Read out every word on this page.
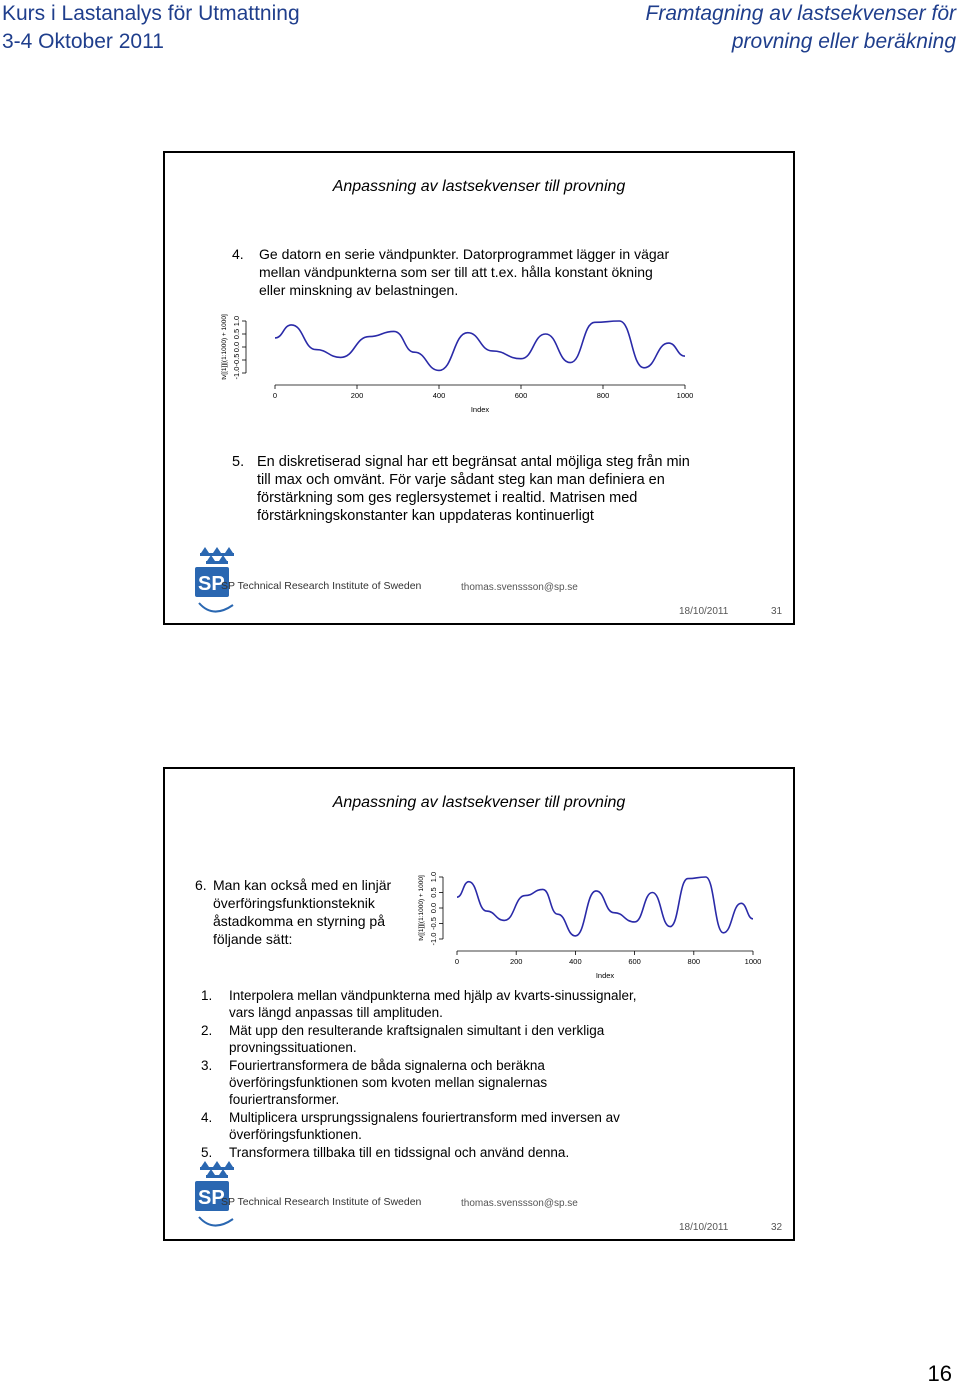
Kurs i Lastanalys för Utmattning
3-4 Oktober 2011
Framtagning av lastsekvenser för
provning eller beräkning
Anpassning av lastsekvenser till provning
4. Ge datorn en serie vändpunkter. Datorprogrammet lägger in vägar
mellan vändpunkterna som ser till att t.ex. hålla konstant ökning
eller minskning av belastningen.
-1.0
-0.5
0.0
0.5
1.0
0	200	400	600	800	1000
Index
tv[[1]][(1:1000) + 1000]
5. En diskretiserad signal har ett begränsat antal möjliga steg från min
till max och omvänt. För varje sådant steg kan man definiera en
förstärkning som ges reglersystemet i realtid. Matrisen med
förstärkningskonstanter kan uppdateras kontinuerligt
SP
SP Technical Research Institute of Sweden	thomas.svenssson@sp.se
18/10/2011	31
Anpassning av lastsekvenser till provning
6. Man kan också med en linjär
överföringsfunktionsteknik
åstadkomma en styrning på
följande sätt:	-1.0
-0.5
0.0
0.5
1.0
0	200	400	600	800	1000
Index
tv[[1]][(1:1000) + 1000]
1. Interpolera mellan vändpunkterna med hjälp av kvarts-sinussignaler,
vars längd anpassas till amplituden.
2. Mät upp den resulterande kraftsignalen simultant i den verkliga
provningssituationen.
3. Fouriertransformera de båda signalerna och beräkna
överföringsfunktionen som kvoten mellan signalernas
fouriertransformer.
4. Multiplicera ursprungssignalens fouriertransform med inversen av
överföringsfunktionen.
5. Transformera tillbaka till en tidssignal och använd denna.
SP
SP Technical Research Institute of Sweden	thomas.svenssson@sp.se
18/10/2011	32
16
